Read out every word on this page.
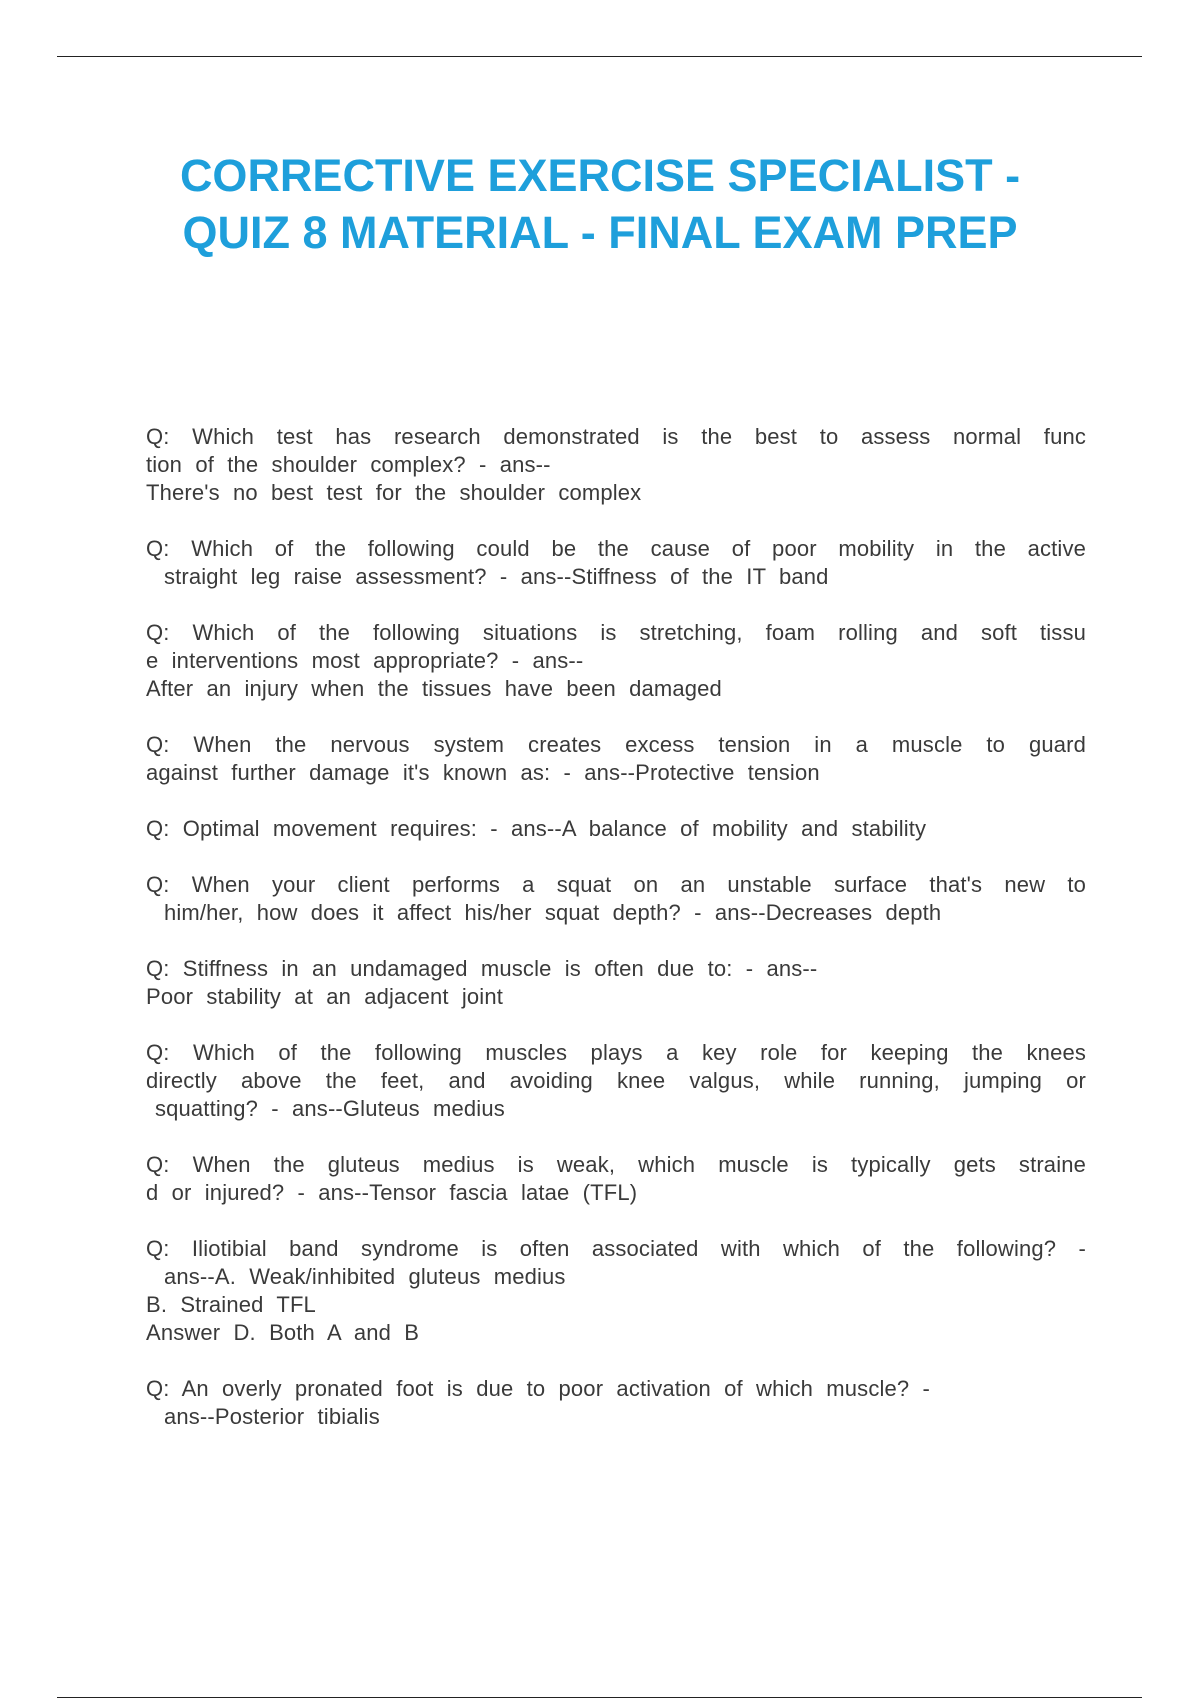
CORRECTIVE EXERCISE SPECIALIST -
QUIZ 8 MATERIAL - FINAL EXAM PREP
Q: Which test has research demonstrated is the best to assess normal func
tion of the shoulder complex? - ans--
There's no best test for the shoulder complex
Q: Which of the following could be the cause of poor mobility in the active
straight leg raise assessment? - ans--Stiffness of the IT band
Q: Which of the following situations is stretching, foam rolling and soft tissu
e interventions most appropriate? - ans--
After an injury when the tissues have been damaged
Q: When the nervous system creates excess tension in a muscle to guard
against further damage it's known as: - ans--Protective tension
Q: Optimal movement requires: - ans--A balance of mobility and stability
Q: When your client performs a squat on an unstable surface that's new to
him/her, how does it affect his/her squat depth? - ans--Decreases depth
Q: Stiffness in an undamaged muscle is often due to: - ans--
Poor stability at an adjacent joint
Q: Which of the following muscles plays a key role for keeping the knees
directly above the feet, and avoiding knee valgus, while running, jumping or
squatting? - ans--Gluteus medius
Q: When the gluteus medius is weak, which muscle is typically gets straine
d or injured? - ans--Tensor fascia latae (TFL)
Q: Iliotibial band syndrome is often associated with which of the following? -
ans--A. Weak/inhibited gluteus medius
B. Strained TFL
Answer D. Both A and B
Q: An overly pronated foot is due to poor activation of which muscle? -
ans--Posterior tibialis
